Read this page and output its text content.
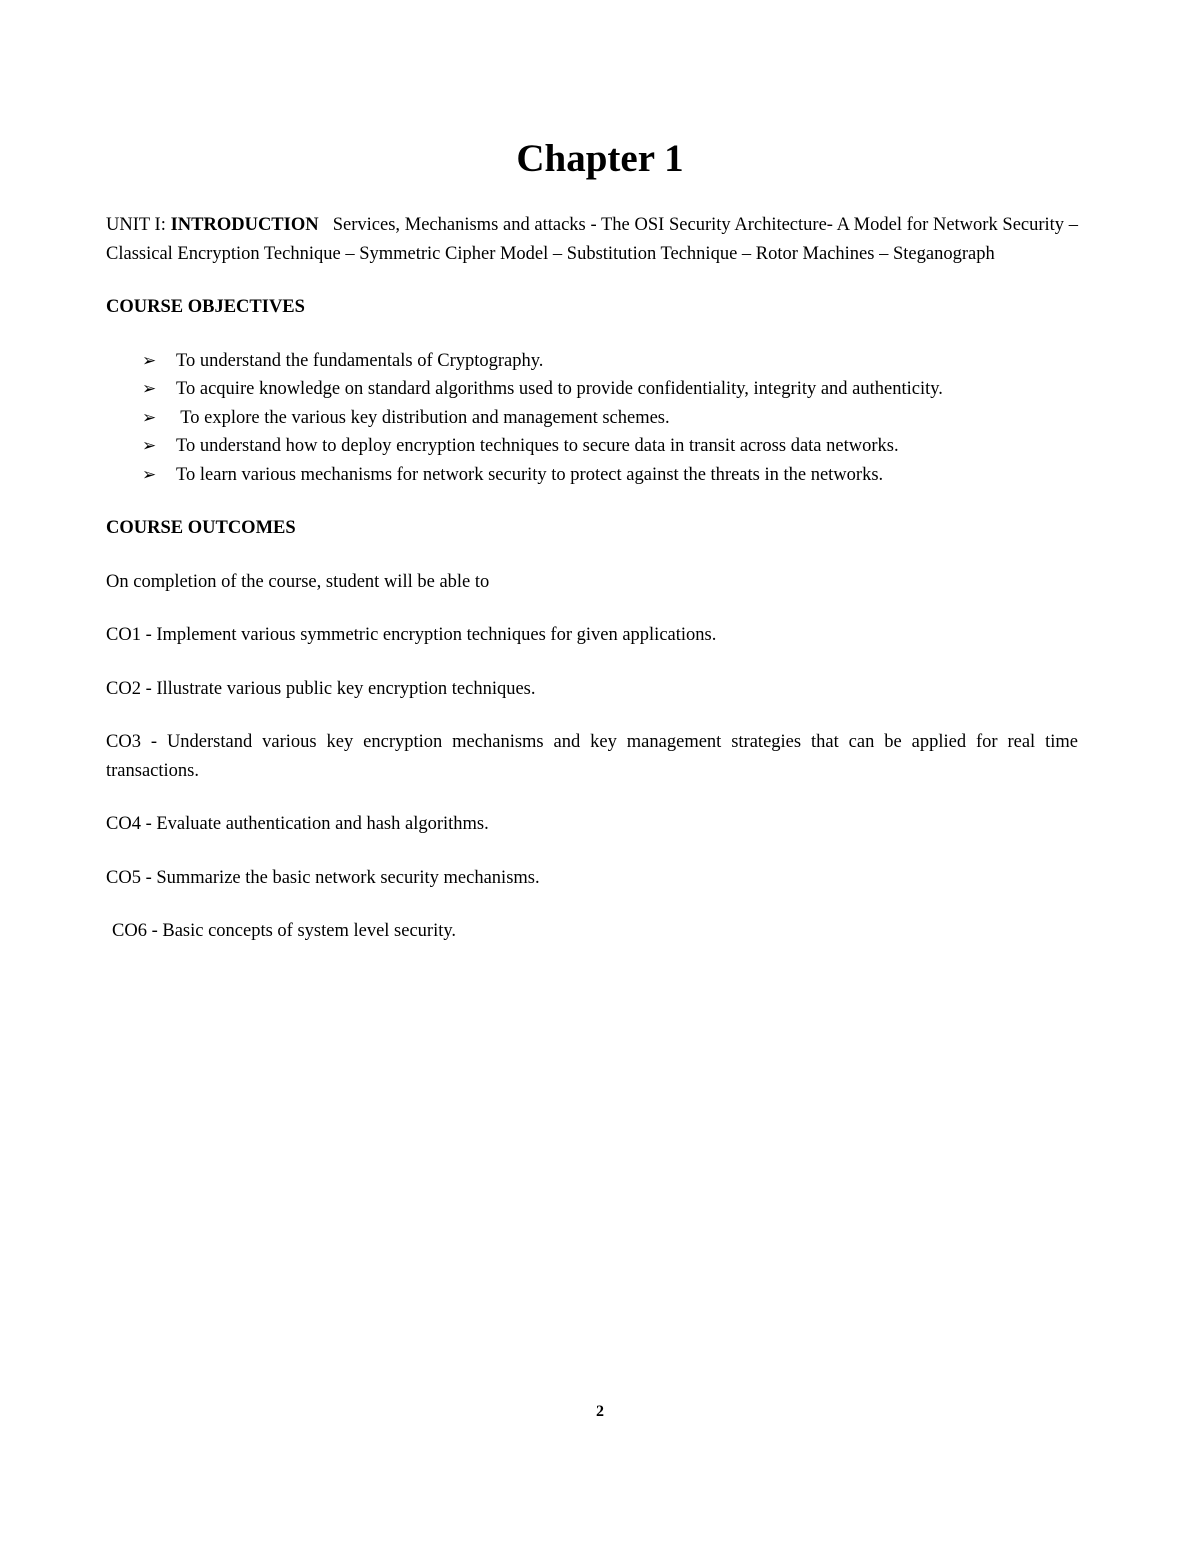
Chapter 1

UNIT I: INTRODUCTION Services, Mechanisms and attacks - The OSI Security Architecture- A Model for Network Security – Classical Encryption Technique – Symmetric Cipher Model – Substitution Technique – Rotor Machines – Steganograph

COURSE OBJECTIVES

➢ To understand the fundamentals of Cryptography.
➢ To acquire knowledge on standard algorithms used to provide confidentiality, integrity and authenticity.
➢ To explore the various key distribution and management schemes.
➢ To understand how to deploy encryption techniques to secure data in transit across data networks.
➢ To learn various mechanisms for network security to protect against the threats in the networks.

COURSE OUTCOMES

On completion of the course, student will be able to

CO1 - Implement various symmetric encryption techniques for given applications.

CO2 - Illustrate various public key encryption techniques.

CO3 - Understand various key encryption mechanisms and key management strategies that can be applied for real time transactions.

CO4 - Evaluate authentication and hash algorithms.

CO5 - Summarize the basic network security mechanisms.

CO6 - Basic concepts of system level security.

2
